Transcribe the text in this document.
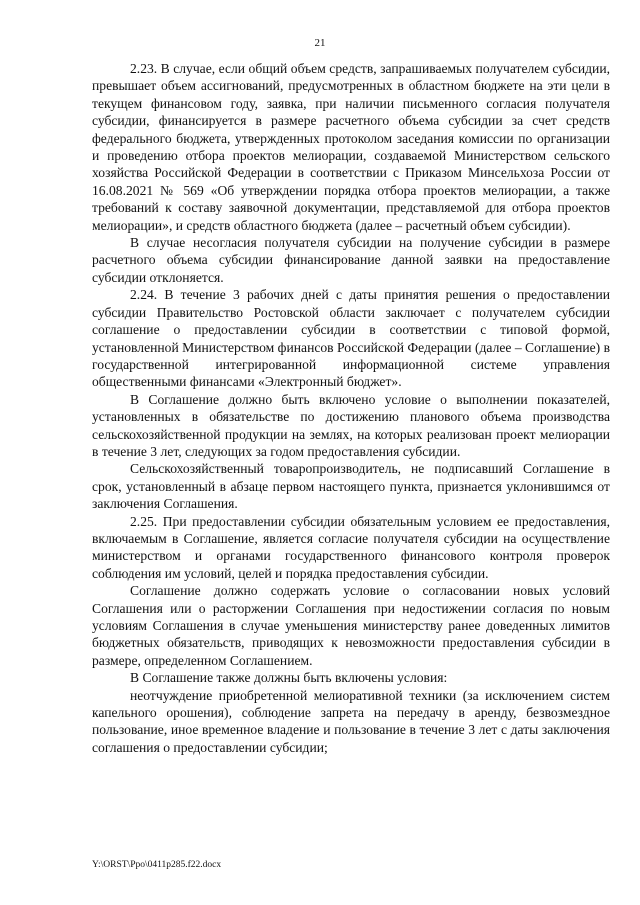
21

2.23. В случае, если общий объем средств, запрашиваемых получателем субсидии, превышает объем ассигнований, предусмотренных в областном бюджете на эти цели в текущем финансовом году, заявка, при наличии письменного согласия получателя субсидии, финансируется в размере расчетного объема субсидии за счет средств федерального бюджета, утвержденных протоколом заседания комиссии по организации и проведению отбора проектов мелиорации, создаваемой Министерством сельского хозяйства Российской Федерации в соответствии с Приказом Минсельхоза России от 16.08.2021 № 569 «Об утверждении порядка отбора проектов мелиорации, а также требований к составу заявочной документации, представляемой для отбора проектов мелиорации», и средств областного бюджета (далее – расчетный объем субсидии).

В случае несогласия получателя субсидии на получение субсидии в размере расчетного объема субсидии финансирование данной заявки на предоставление субсидии отклоняется.

2.24. В течение 3 рабочих дней с даты принятия решения о предоставлении субсидии Правительство Ростовской области заключает с получателем субсидии соглашение о предоставлении субсидии в соответствии с типовой формой, установленной Министерством финансов Российской Федерации (далее – Соглашение) в государственной интегрированной информационной системе управления общественными финансами «Электронный бюджет».

В Соглашение должно быть включено условие о выполнении показателей, установленных в обязательстве по достижению планового объема производства сельскохозяйственной продукции на землях, на которых реализован проект мелиорации в течение 3 лет, следующих за годом предоставления субсидии.

Сельскохозяйственный товаропроизводитель, не подписавший Соглашение в срок, установленный в абзаце первом настоящего пункта, признается уклонившимся от заключения Соглашения.

2.25. При предоставлении субсидии обязательным условием ее предоставления, включаемым в Соглашение, является согласие получателя субсидии на осуществление министерством и органами государственного финансового контроля проверок соблюдения им условий, целей и порядка предоставления субсидии.

Соглашение должно содержать условие о согласовании новых условий Соглашения или о расторжении Соглашения при недостижении согласия по новым условиям Соглашения в случае уменьшения министерству ранее доведенных лимитов бюджетных обязательств, приводящих к невозможности предоставления субсидии в размере, определенном Соглашением.

В Соглашение также должны быть включены условия:

неотчуждение приобретенной мелиоративной техники (за исключением систем капельного орошения), соблюдение запрета на передачу в аренду, безвозмездное пользование, иное временное владение и пользование в течение 3 лет с даты заключения соглашения о предоставлении субсидии;

Y:\ORST\Ppo\0411p285.f22.docx
